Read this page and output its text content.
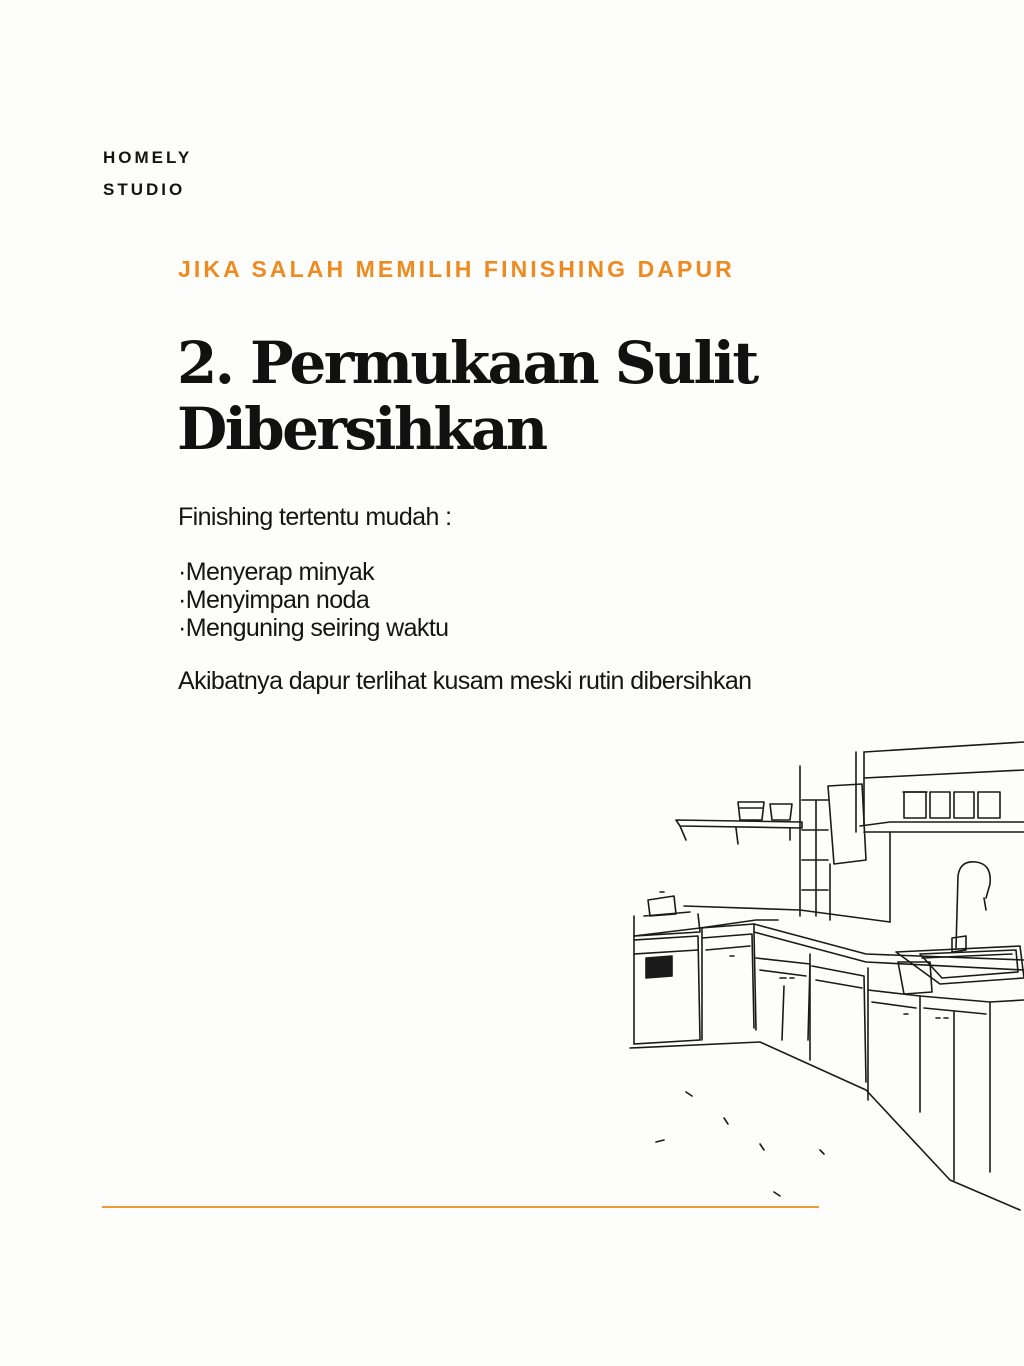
HOMELY
STUDIO
JIKA SALAH MEMILIH FINISHING DAPUR
2. Permukaan Sulit
Dibersihkan
Finishing tertentu mudah :
· Menyerap minyak
· Menyimpan noda
· Menguning seiring waktu
Akibatnya dapur terlihat kusam meski rutin dibersihkan
